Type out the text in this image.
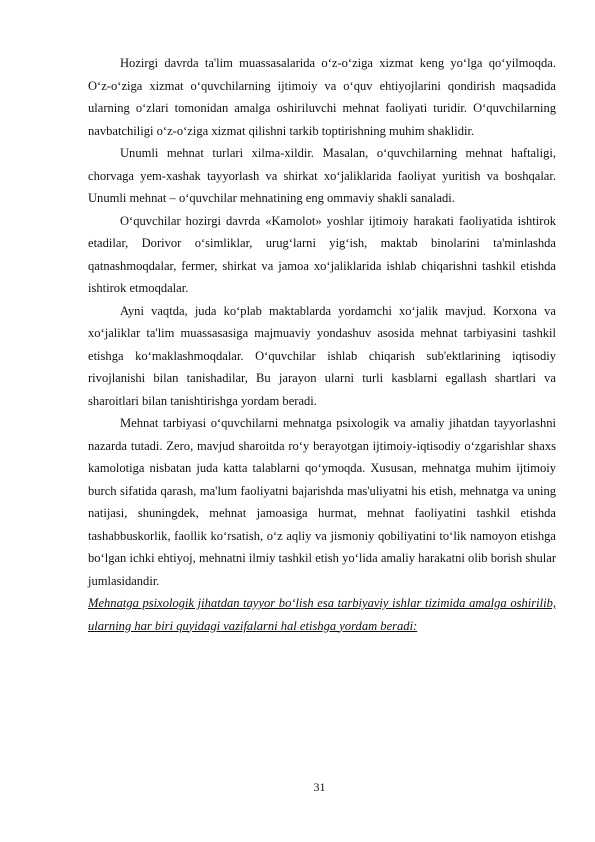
Hozirgi davrda ta'lim muassasalarida o‘z-o‘ziga xizmat keng yo‘lga qo‘yilmoqda. O‘z-o‘ziga xizmat o‘quvchilarning ijtimoiy va o‘quv ehtiyojlarini qondirish maqsadida ularning o‘zlari tomonidan amalga oshiriluvchi mehnat faoliyati turidir. O‘quvchilarning navbatchiligi o‘z-o‘ziga xizmat qilishni tarkib toptirishning muhim shaklidir.

Unumli mehnat turlari xilma-xildir. Masalan, o‘quvchilarning mehnat haftaligi, chorvaga yem-xashak tayyorlash va shirkat xo‘jaliklarida faoliyat yuritish va boshqalar. Unumli mehnat – o‘quvchilar mehnatining eng ommaviy shakli sanaladi.

O‘quvchilar hozirgi davrda «Kamolot» yoshlar ijtimoiy harakati faoliyatida ishtirok etadilar, Dorivor o‘simliklar, urug‘larni yig‘ish, maktab binolarini ta'minlashda qatnashmoqdalar, fermer, shirkat va jamoa xo‘jaliklarida ishlab chiqarishni tashkil etishda ishtirok etmoqdalar.

Ayni vaqtda, juda ko‘plab maktablarda yordamchi xo‘jalik mavjud. Korxona va xo‘jaliklar ta'lim muassasasiga majmuaviy yondashuv asosida mehnat tarbiyasini tashkil etishga ko‘maklashmoqdalar. O‘quvchilar ishlab chiqarish sub'ektlarining iqtisodiy rivojlanishi bilan tanishadilar, Bu jarayon ularni turli kasblarni egallash shartlari va sharoitlari bilan tanishtirishga yordam beradi.

Mehnat tarbiyasi o‘quvchilarni mehnatga psixologik va amaliy jihatdan tayyorlashni nazarda tutadi. Zero, mavjud sharoitda ro‘y berayotgan ijtimoiy-iqtisodiy o‘zgarishlar shaxs kamolotiga nisbatan juda katta talablarni qo‘ymoqda. Xususan, mehnatga muhim ijtimoiy burch sifatida qarash, ma'lum faoliyatni bajarishda mas'uliyatni his etish, mehnatga va uning natijasi, shuningdek, mehnat jamoasiga hurmat, mehnat faoliyatini tashkil etishda tashabbuskorlik, faollik ko‘rsatish, o‘z aqliy va jismoniy qobiliyatini to‘lik namoyon etishga bo‘lgan ichki ehtiyoj, mehnatni ilmiy tashkil etish yo‘lida amaliy harakatni olib borish shular jumlasidandir.

Mehnatga psixologik jihatdan tayyor bo‘lish esa tarbiyaviy ishlar tizimida amalga oshirilib, ularning har biri quyidagi vazifalarni hal etishga yordam beradi:

31
